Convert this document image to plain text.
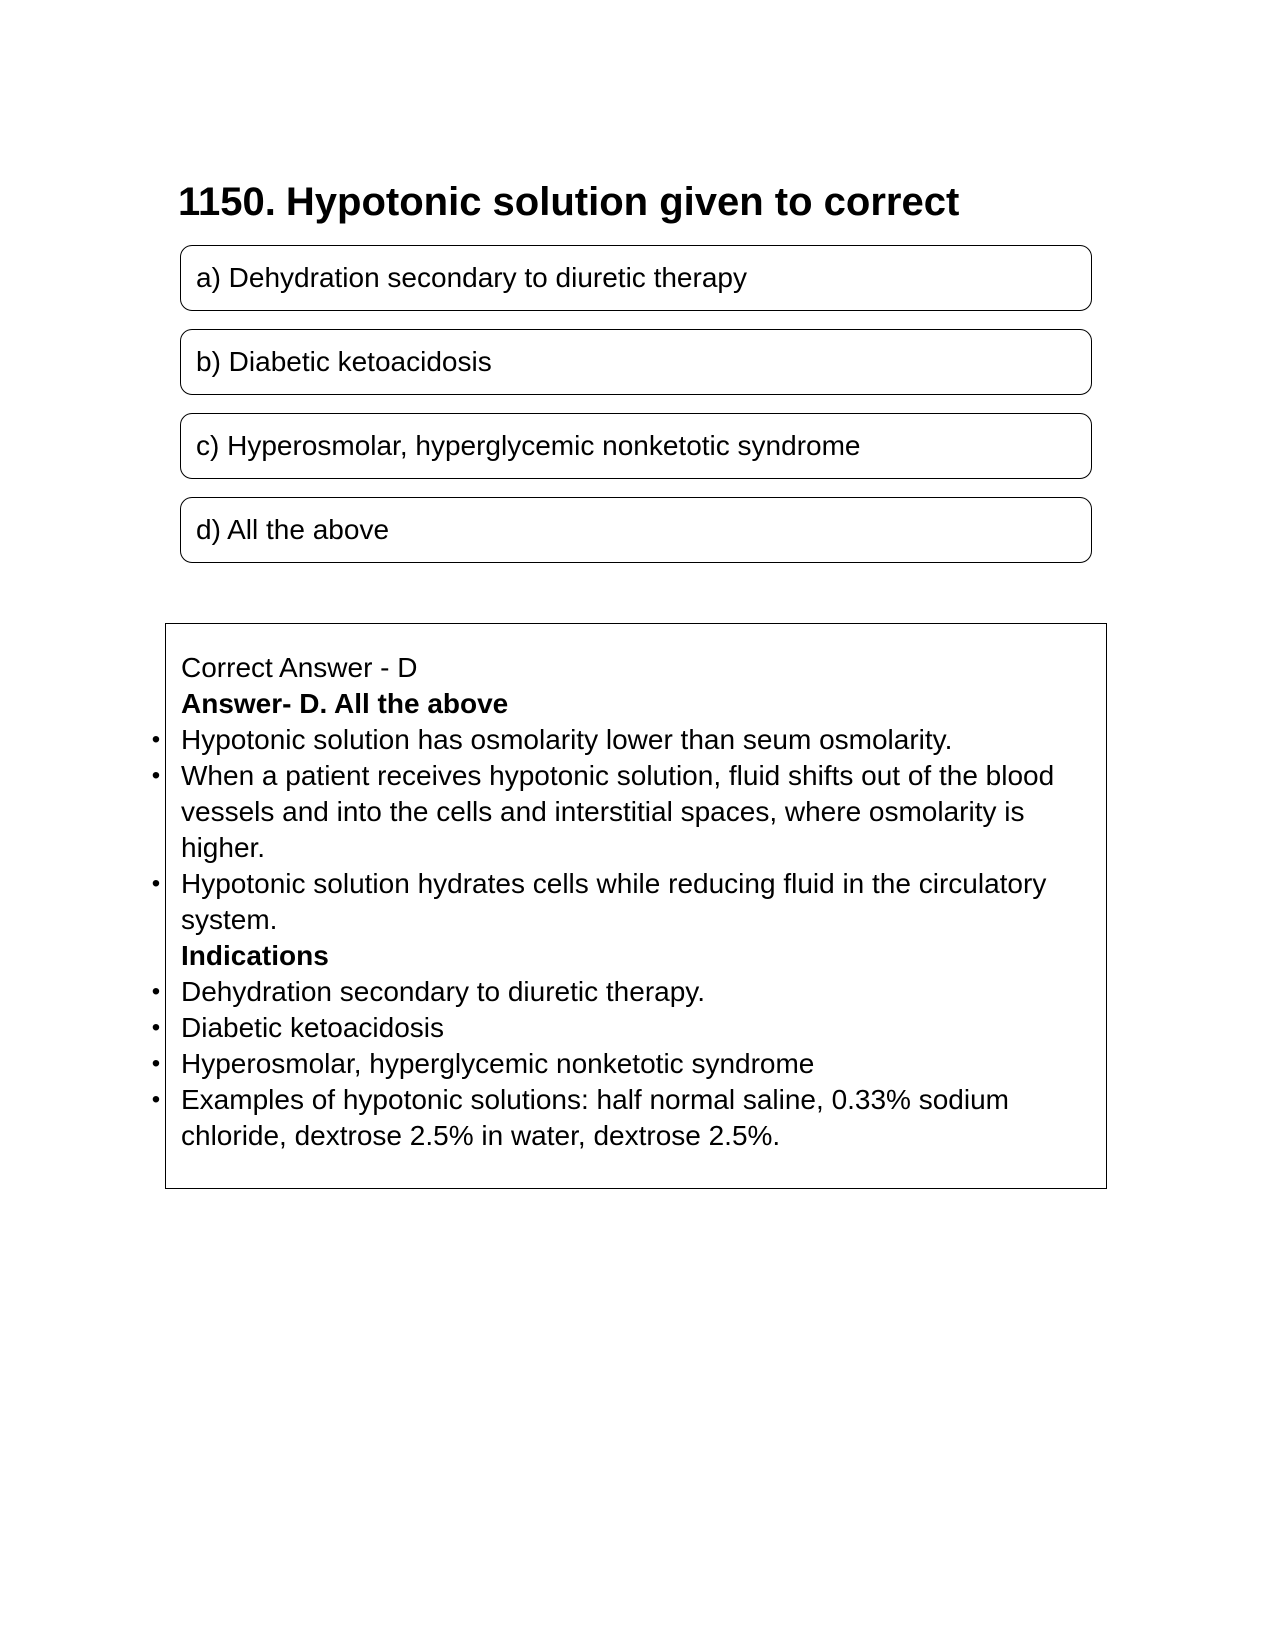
1150. Hypotonic solution given to correct
a) Dehydration secondary to diuretic therapy
b) Diabetic ketoacidosis
c) Hyperosmolar, hyperglycemic nonketotic syndrome
d) All the above

Correct Answer - D

Answer- D. All the above

• Hypotonic solution has osmolarity lower than seum osmolarity.
• When a patient receives hypotonic solution, fluid shifts out of the blood vessels and into the cells and interstitial spaces, where osmolarity is higher.
• Hypotonic solution hydrates cells while reducing fluid in the circulatory system.

Indications

• Dehydration secondary to diuretic therapy.
• Diabetic ketoacidosis
• Hyperosmolar, hyperglycemic nonketotic syndrome
• Examples of hypotonic solutions: half normal saline, 0.33% sodium chloride, dextrose 2.5% in water, dextrose 2.5%.
